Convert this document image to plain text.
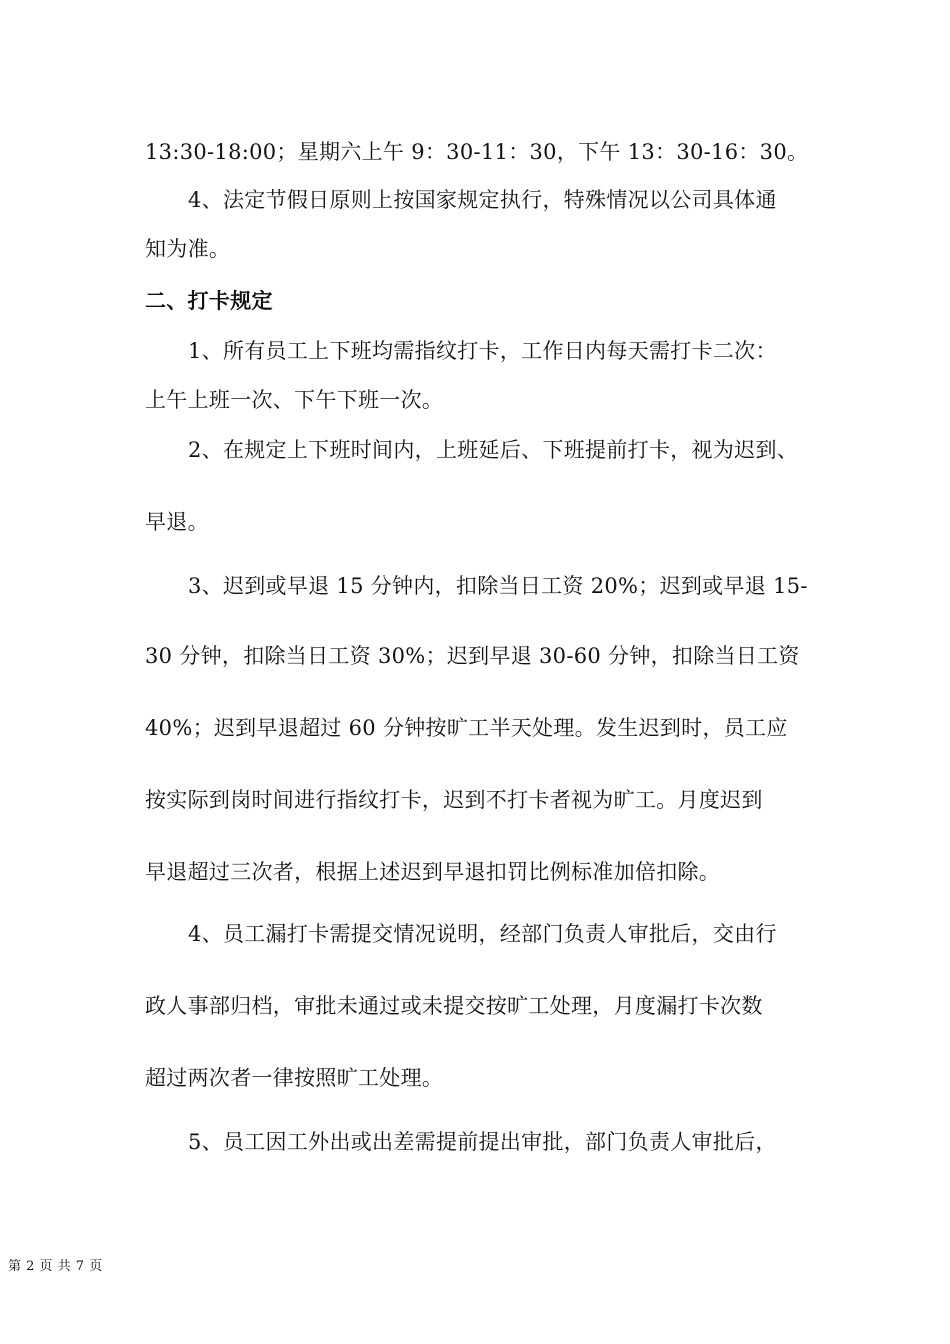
13:30-18:00；星期六上午 9：30-11：30，下午 13：30-16：30。
4、法定节假日原则上按国家规定执行，特殊情况以公司具体通
知为准。
二、打卡规定
1、所有员工上下班均需指纹打卡，工作日内每天需打卡二次：
上午上班一次、下午下班一次。
2、在规定上下班时间内，上班延后、下班提前打卡，视为迟到、
早退。
3、迟到或早退 15 分钟内，扣除当日工资 20%；迟到或早退 15-
30 分钟，扣除当日工资 30%；迟到早退 30-60 分钟，扣除当日工资
40%；迟到早退超过 60 分钟按旷工半天处理。发生迟到时，员工应
按实际到岗时间进行指纹打卡，迟到不打卡者视为旷工。月度迟到
早退超过三次者，根据上述迟到早退扣罚比例标准加倍扣除。
4、员工漏打卡需提交情况说明，经部门负责人审批后，交由行
政人事部归档，审批未通过或未提交按旷工处理，月度漏打卡次数
超过两次者一律按照旷工处理。
5、员工因工外出或出差需提前提出审批，部门负责人审批后，
第 2 页 共 7 页
